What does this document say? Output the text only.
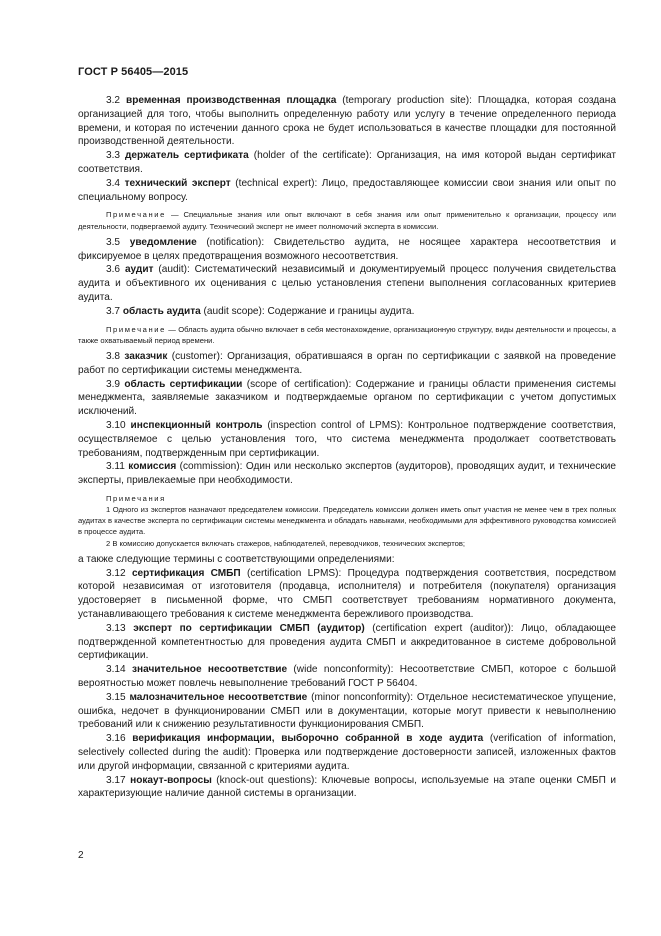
ГОСТ Р 56405—2015

3.2 временная производственная площадка (temporary production site): Площадка, которая создана организацией для того, чтобы выполнить определенную работу или услугу в течение определенного периода времени, и которая по истечении данного срока не будет использоваться в качестве площадки для постоянной производственной деятельности.

3.3 держатель сертификата (holder of the certificate): Организация, на имя которой выдан сертификат соответствия.

3.4 технический эксперт (technical expert): Лицо, предоставляющее комиссии свои знания или опыт по специальному вопросу.

Примечание — Специальные знания или опыт включают в себя знания или опыт применительно к организации, процессу или деятельности, подвергаемой аудиту. Технический эксперт не имеет полномочий эксперта в комиссии.

3.5 уведомление (notification): Свидетельство аудита, не носящее характера несоответствия и фиксируемое в целях предотвращения возможного несоответствия.

3.6 аудит (audit): Систематический независимый и документируемый процесс получения свидетельства аудита и объективного их оценивания с целью установления степени выполнения согласованных критериев аудита.

3.7 область аудита (audit scope): Содержание и границы аудита.

Примечание — Область аудита обычно включает в себя местонахождение, организационную структуру, виды деятельности и процессы, а также охватываемый период времени.

3.8 заказчик (customer): Организация, обратившаяся в орган по сертификации с заявкой на проведение работ по сертификации системы менеджмента.

3.9 область сертификации (scope of certification): Содержание и границы области применения системы менеджмента, заявляемые заказчиком и подтверждаемые органом по сертификации с учетом допустимых исключений.

3.10 инспекционный контроль (inspection control of LPMS): Контрольное подтверждение соответствия, осуществляемое с целью установления того, что система менеджмента продолжает соответствовать требованиям, подтвержденным при сертификации.

3.11 комиссия (commission): Один или несколько экспертов (аудиторов), проводящих аудит, и технические эксперты, привлекаемые при необходимости.

Примечания

1 Одного из экспертов назначают председателем комиссии. Председатель комиссии должен иметь опыт участия не менее чем в трех полных аудитах в качестве эксперта по сертификации системы менеджмента и обладать навыками, необходимыми для эффективного руководства комиссией в процессе аудита.

2 В комиссию допускается включать стажеров, наблюдателей, переводчиков, технических экспертов;

а также следующие термины с соответствующими определениями:

3.12 сертификация СМБП (certification LPMS): Процедура подтверждения соответствия, посредством которой независимая от изготовителя (продавца, исполнителя) и потребителя (покупателя) организация удостоверяет в письменной форме, что СМБП соответствует требованиям нормативного документа, устанавливающего требования к системе менеджмента бережливого производства.

3.13 эксперт по сертификации СМБП (аудитор) (certification expert (auditor)): Лицо, обладающее подтвержденной компетентностью для проведения аудита СМБП и аккредитованное в системе добровольной сертификации.

3.14 значительное несоответствие (wide nonconformity): Несоответствие СМБП, которое с большой вероятностью может повлечь невыполнение требований ГОСТ Р 56404.

3.15 малозначительное несоответствие (minor nonconformity): Отдельное несистематическое упущение, ошибка, недочет в функционировании СМБП или в документации, которые могут привести к невыполнению требований или к снижению результативности функционирования СМБП.

3.16 верификация информации, выборочно собранной в ходе аудита (verification of information, selectively collected during the audit): Проверка или подтверждение достоверности записей, изложенных фактов или другой информации, связанной с критериями аудита.

3.17 нокаут-вопросы (knock-out questions): Ключевые вопросы, используемые на этапе оценки СМБП и характеризующие наличие данной системы в организации.

2
